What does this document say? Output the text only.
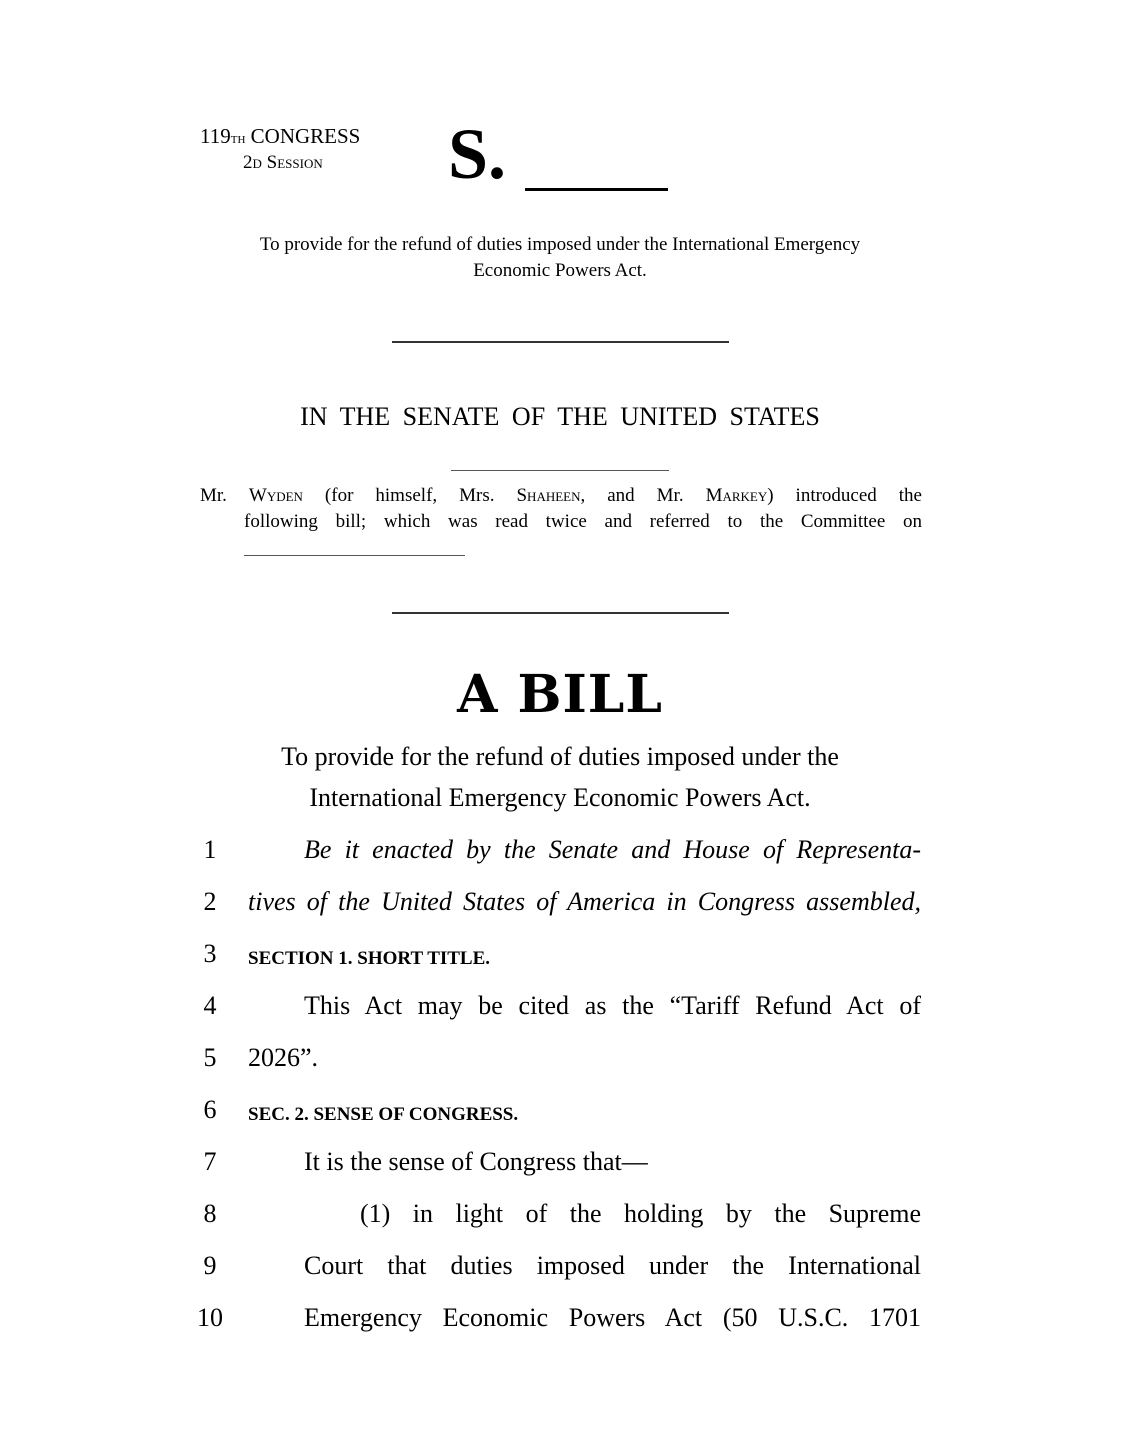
119th CONGRESS
2d Session	S.
To provide for the refund of duties imposed under the International Emergency Economic Powers Act.
IN THE SENATE OF THE UNITED STATES
Mr. Wyden (for himself, Mrs. Shaheen, and Mr. Markey) introduced the
following bill; which was read twice and referred to the Committee on
A BILL
To provide for the refund of duties imposed under the
International Emergency Economic Powers Act.
1	Be it enacted by the Senate and House of Representa-
2	tives of the United States of America in Congress assembled,
3	SECTION 1. SHORT TITLE.
4	This Act may be cited as the “Tariff Refund Act of
5	2026”.
6	SEC. 2. SENSE OF CONGRESS.
7	It is the sense of Congress that—
8	(1) in light of the holding by the Supreme
9	Court that duties imposed under the International
10	Emergency Economic Powers Act (50 U.S.C. 1701
